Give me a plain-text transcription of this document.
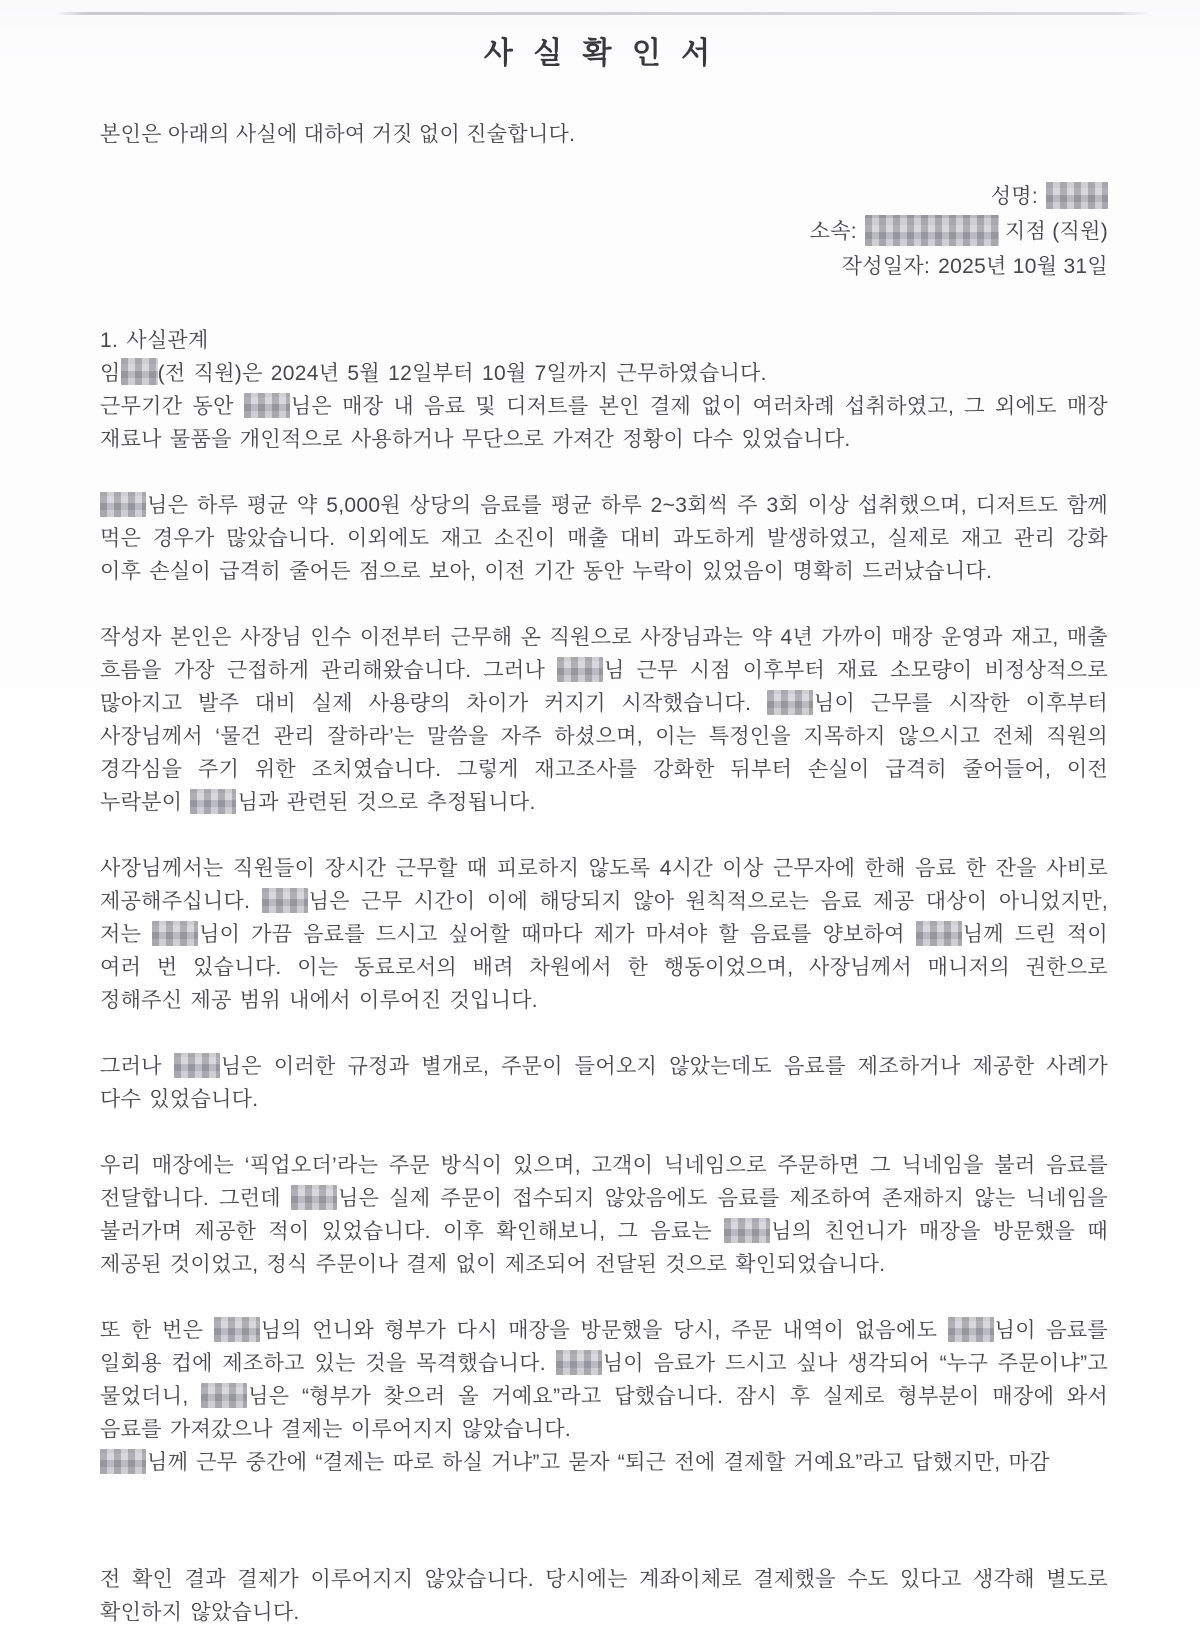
사 실 확 인 서

본인은 아래의 사실에 대하여 거짓 없이 진술합니다.

성명:
소속:	지점 (직원)
작성일자: 2025년 10월 31일

1. 사실관계

임 (전 직원)은 2024년 5월 12일부터 10월 7일까지 근무하였습니다.

근무기간 동안 님은 매장 내 음료 및 디저트를 본인 결제 없이 여러차례 섭취하였고, 그 외에도 매장 재료나 물품을 개인적으로 사용하거나 무단으로 가져간 정황이 다수 있었습니다.

님은 하루 평균 약 5,000원 상당의 음료를 평균 하루 2~3회씩 주 3회 이상 섭취했으며, 디저트도 함께 먹은 경우가 많았습니다. 이외에도 재고 소진이 매출 대비 과도하게 발생하였고, 실제로 재고 관리 강화 이후 손실이 급격히 줄어든 점으로 보아, 이전 기간 동안 누락이 있었음이 명확히 드러났습니다.

작성자 본인은 사장님 인수 이전부터 근무해 온 직원으로 사장님과는 약 4년 가까이 매장 운영과 재고, 매출 흐름을 가장 근접하게 관리해왔습니다. 그러나 님 근무 시점 이후부터 재료 소모량이 비정상적으로 많아지고 발주 대비 실제 사용량의 차이가 커지기 시작했습니다. 님이 근무를 시작한 이후부터 사장님께서 ‘물건 관리 잘하라’는 말씀을 자주 하셨으며, 이는 특정인을 지목하지 않으시고 전체 직원의 경각심을 주기 위한 조치였습니다. 그렇게 재고조사를 강화한 뒤부터 손실이 급격히 줄어들어, 이전 누락분이 님과 관련된 것으로 추정됩니다.

사장님께서는 직원들이 장시간 근무할 때 피로하지 않도록 4시간 이상 근무자에 한해 음료 한 잔을 사비로 제공해주십니다. 님은 근무 시간이 이에 해당되지 않아 원칙적으로는 음료 제공 대상이 아니었지만, 저는 님이 가끔 음료를 드시고 싶어할 때마다 제가 마셔야 할 음료를 양보하여 님께 드린 적이 여러 번 있습니다. 이는 동료로서의 배려 차원에서 한 행동이었으며, 사장님께서 매니저의 권한으로 정해주신 제공 범위 내에서 이루어진 것입니다.

그러나 님은 이러한 규정과 별개로, 주문이 들어오지 않았는데도 음료를 제조하거나 제공한 사례가 다수 있었습니다.

우리 매장에는 ‘픽업오더’라는 주문 방식이 있으며, 고객이 닉네임으로 주문하면 그 닉네임을 불러 음료를 전달합니다. 그런데 님은 실제 주문이 접수되지 않았음에도 음료를 제조하여 존재하지 않는 닉네임을 불러가며 제공한 적이 있었습니다. 이후 확인해보니, 그 음료는 님의 친언니가 매장을 방문했을 때 제공된 것이었고, 정식 주문이나 결제 없이 제조되어 전달된 것으로 확인되었습니다.

또 한 번은 님의 언니와 형부가 다시 매장을 방문했을 당시, 주문 내역이 없음에도 님이 음료를 일회용 컵에 제조하고 있는 것을 목격했습니다. 님이 음료가 드시고 싶나 생각되어 “누구 주문이냐”고 물었더니, 님은 “형부가 찾으러 올 거예요”라고 답했습니다. 잠시 후 실제로 형부분이 매장에 와서 음료를 가져갔으나 결제는 이루어지지 않았습니다.

님께 근무 중간에 “결제는 따로 하실 거냐”고 묻자 “퇴근 전에 결제할 거예요”라고 답했지만, 마감

전 확인 결과 결제가 이루어지지 않았습니다. 당시에는 계좌이체로 결제했을 수도 있다고 생각해 별도로 확인하지 않았습니다.
